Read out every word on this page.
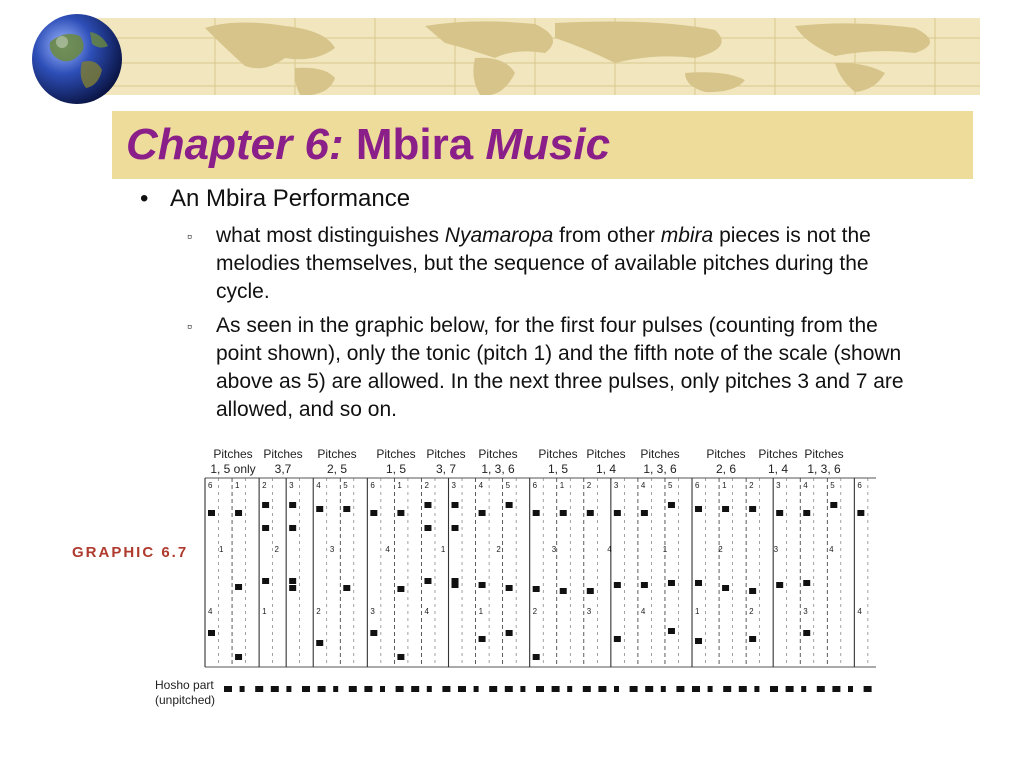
Chapter 6: Mbira Music
• An Mbira Performance
▫ what most distinguishes Nyamaropa from other mbira pieces is not the melodies themselves, but the sequence of available pitches during the cycle.
▫ As seen in the graphic below, for the first four pulses (counting from the point shown), only the tonic (pitch 1) and the fifth note of the scale (shown above as 5) are allowed. In the next three pulses, only pitches 3 and 7 are allowed, and so on.
GRAPHIC 6.7
Pitches
1, 5 only
Pitches
3,7
Pitches
2, 5
Pitches
1, 5
Pitches
3, 7
Pitches
1, 3, 6
Pitches
1, 5
Pitches
1, 4
Pitches
1, 3, 6
Pitches
2, 6
Pitches
1, 4
Pitches
1, 3, 6
6	1	2	3	4	5	6	1	2	3	4	5	6	1	2	3	4	5	6	1	2	3	4	5	6
1	2	3	4	1	2	3	4	1	2	3	4
4	1	2	3	4	1	2	3	4	1	2	3	4
Hosho part
(unpitched)
